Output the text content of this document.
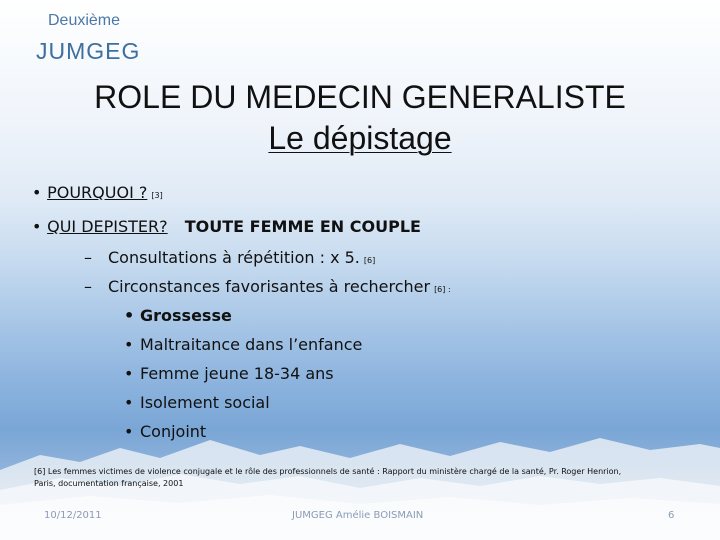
Deuxième
JUMGEG
ROLE DU MEDECIN GENERALISTE
Le dépistage
• POURQUOI ? [3]
• QUI DEPISTER? TOUTE FEMME EN COUPLE
– Consultations à répétition : x 5. [6]
– Circonstances favorisantes à rechercher [6] :
• Grossesse
• Maltraitance dans l’enfance
• Femme jeune 18-34 ans
• Isolement social
• Conjoint
[6] Les femmes victimes de violence conjugale et le rôle des professionnels de santé : Rapport du ministère chargé de la santé, Pr. Roger Henrion,
Paris, documentation française, 2001
10/12/2011	JUMGEG Amélie BOISMAIN	6
